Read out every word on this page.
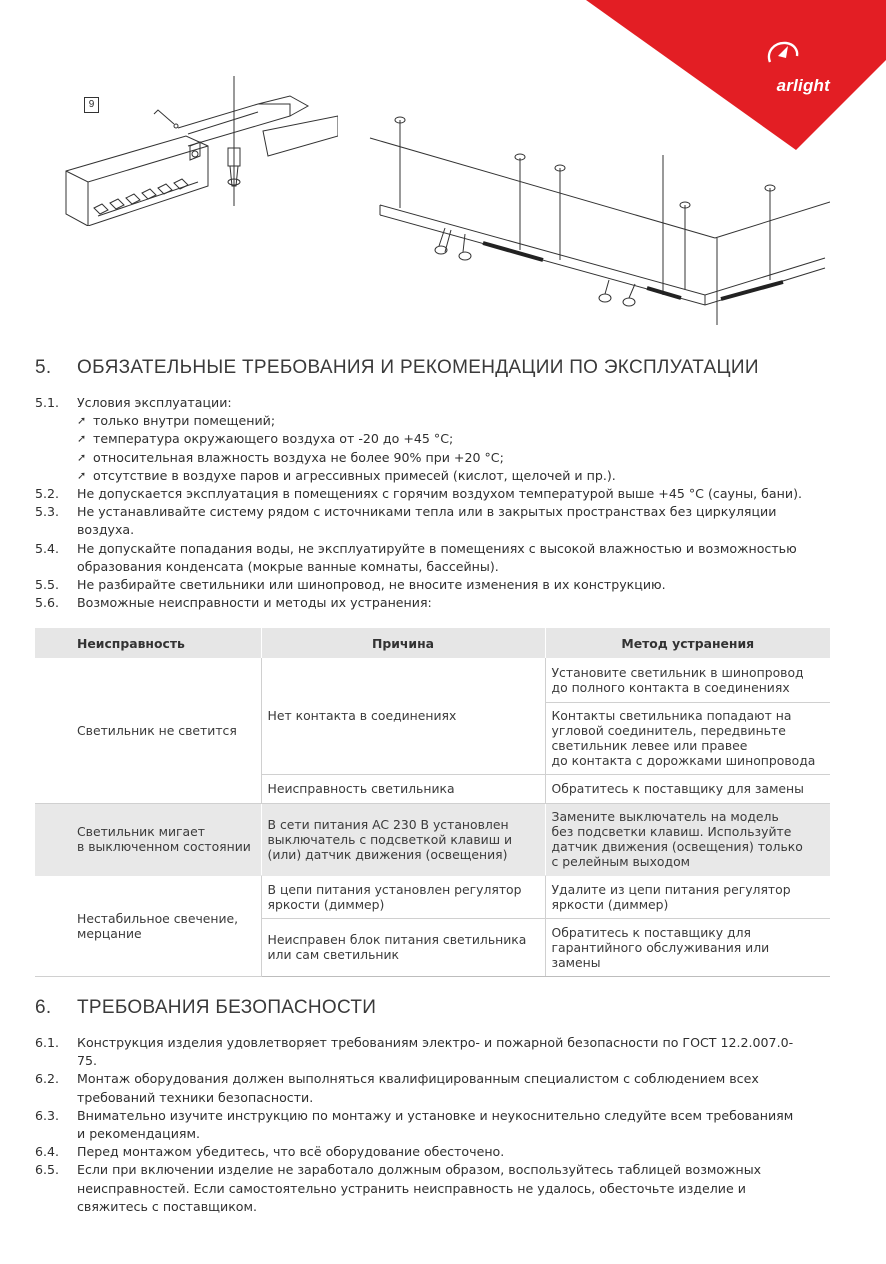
arlight
9
5. ОБЯЗАТЕЛЬНЫЕ ТРЕБОВАНИЯ И РЕКОМЕНДАЦИИ ПО ЭКСПЛУАТАЦИИ
5.1. Условия эксплуатации:
➚ только внутри помещений;
➚ температура окружающего воздуха от -20 до +45 °С;
➚ относительная влажность воздуха не более 90% при +20 °С;
➚ отсутствие в воздухе паров и агрессивных примесей (кислот, щелочей и пр.).
5.2. Не допускается эксплуатация в помещениях с горячим воздухом температурой выше +45 °С (сауны, бани).
5.3. Не устанавливайте систему рядом с источниками тепла или в закрытых пространствах без циркуляции воздуха.
5.4. Не допускайте попадания воды, не эксплуатируйте в помещениях с высокой влажностью и возможностью образования конденсата (мокрые ванные комнаты, бассейны).
5.5. Не разбирайте светильники или шинопровод, не вносите изменения в их конструкцию.
5.6. Возможные неисправности и методы их устранения:
Неисправность	Причина	Метод устранения
Светильник не светится	Нет контакта в соединениях	Установите светильник в шинопровод
до полного контакта в соединениях
		Контакты светильника попадают на
угловой соединитель, передвиньте
светильник левее или правее
до контакта с дорожками шинопровода
	Неисправность светильника	Обратитесь к поставщику для замены
Светильник мигает
в выключенном состоянии	В сети питания AC 230 В установлен
выключатель с подсветкой клавиш и
(или) датчик движения (освещения)	Замените выключатель на модель
без подсветки клавиш. Используйте
датчик движения (освещения) только
с релейным выходом
Нестабильное свечение,
мерцание	В цепи питания установлен регулятор
яркости (диммер)	Удалите из цепи питания регулятор
яркости (диммер)
	Неисправен блок питания светильника
или сам светильник	Обратитесь к поставщику для
гарантийного обслуживания или
замены
6. ТРЕБОВАНИЯ БЕЗОПАСНОСТИ
6.1. Конструкция изделия удовлетворяет требованиям электро- и пожарной безопасности по ГОСТ 12.2.007.0-75.
6.2. Монтаж оборудования должен выполняться квалифицированным специалистом с соблюдением всех требований техники безопасности.
6.3. Внимательно изучите инструкцию по монтажу и установке и неукоснительно следуйте всем требованиям и рекомендациям.
6.4. Перед монтажом убедитесь, что всё оборудование обесточено.
6.5. Если при включении изделие не заработало должным образом, воспользуйтесь таблицей возможных неисправностей. Если самостоятельно устранить неисправность не удалось, обесточьте изделие и свяжитесь с поставщиком.
